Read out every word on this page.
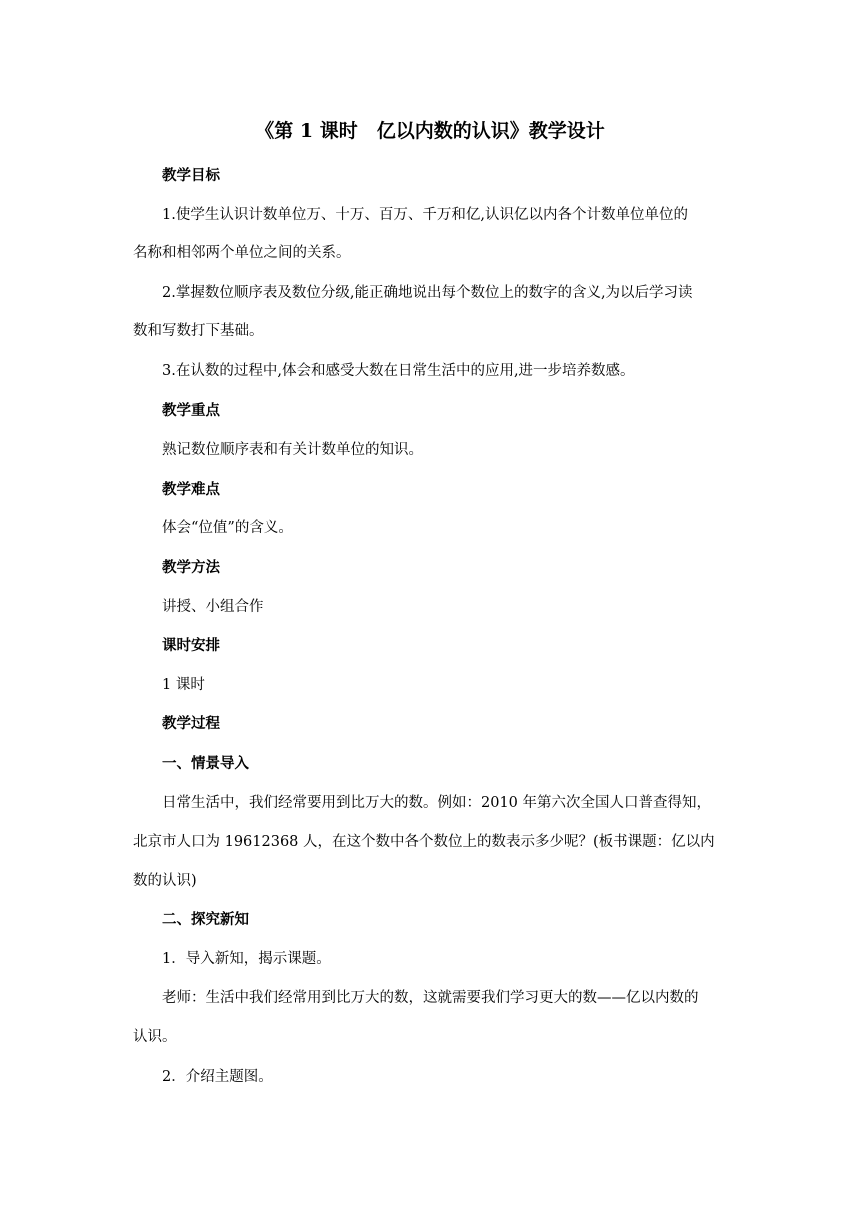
《第 1 课时　亿以内数的认识》教学设计
教学目标
1.使学生认识计数单位万、十万、百万、千万和亿,认识亿以内各个计数单位单位的
名称和相邻两个单位之间的关系。
2.掌握数位顺序表及数位分级,能正确地说出每个数位上的数字的含义,为以后学习读
数和写数打下基础。
3.在认数的过程中,体会和感受大数在日常生活中的应用,进一步培养数感。
教学重点
熟记数位顺序表和有关计数单位的知识。
教学难点
体会“位值”的含义。
教学方法
讲授、小组合作
课时安排
1 课时
教学过程
一、情景导入
日常生活中，我们经常要用到比万大的数。例如：2010 年第六次全国人口普查得知，
北京市人口为 19612368 人，在这个数中各个数位上的数表示多少呢？(板书课题：亿以内
数的认识)
二、探究新知
1．导入新知，揭示课题。
老师：生活中我们经常用到比万大的数，这就需要我们学习更大的数——亿以内数的
认识。
2．介绍主题图。
